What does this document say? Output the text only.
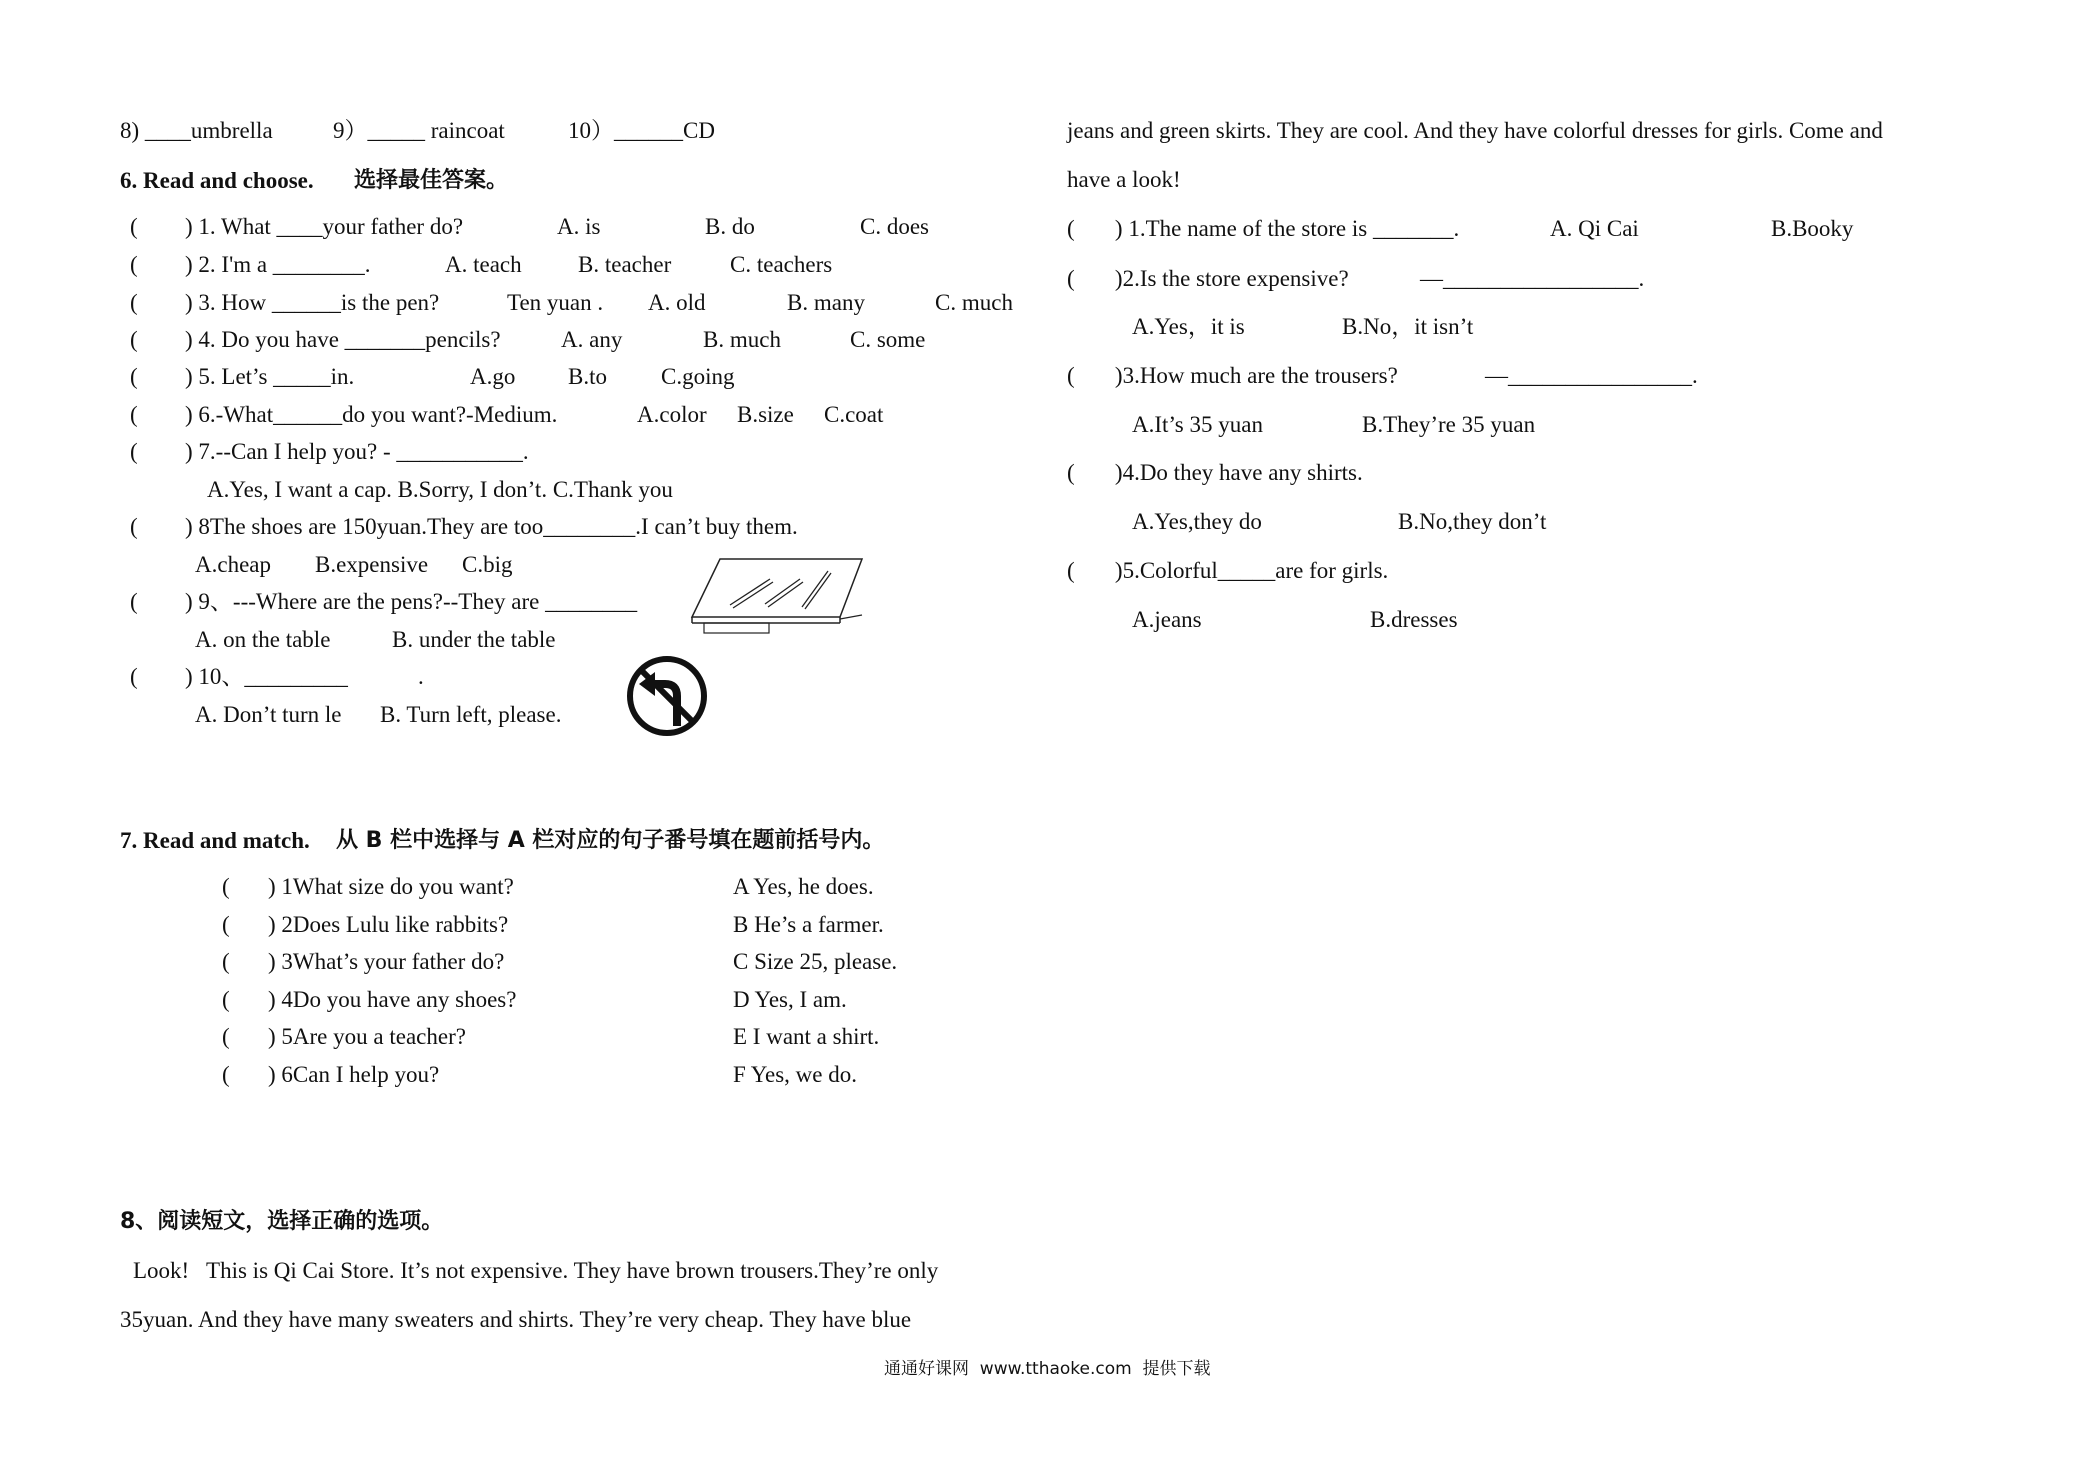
8) ____umbrella	9）_____ raincoat	10）______CD
6. Read and choose. 选择最佳答案。
( ) 1. What ____your father do?	A. is	B. do	C. does
( ) 2. I'm a ________.	A. teach B. teacher	C. teachers
( ) 3. How ______is the pen?	Ten yuan . A. old	B. many	C. much
( ) 4. Do you have _______pencils?	A. any	B. much	C. some
( ) 5. Let’s _____in.	A.go B.to C.going
( ) 6.-What______do you want?-Medium.	A.color B.size C.coat
( ) 7.--Can I help you? - ___________.
A.Yes, I want a cap. B.Sorry, I don’t. C.Thank you
( ) 8The shoes are 150yuan.They are too________.I can’t buy them.
A.cheap B.expensive C.big
( ) 9、---Where are the pens?--They are ________
A. on the table	B. under the table
( ) 10、_________	.
A. Don’t turn le B. Turn left, please.
7. Read and match. 从 B 栏中选择与 A 栏对应的句子番号填在题前括号内。
( ) 1What size do you want?	A Yes, he does.
( ) 2Does Lulu like rabbits?	B He’s a farmer.
( ) 3What’s your father do?	C Size 25, please.
( ) 4Do you have any shoes?	D Yes, I am.
( ) 5Are you a teacher?	E I want a shirt.
( ) 6Can I help you?	F Yes, we do.
8、阅读短文，选择正确的选项。
Look!   This is Qi Cai Store. It’s not expensive. They have brown trousers.They’re only
35yuan. And they have many sweaters and shirts. They’re very cheap. They have blue
jeans and green skirts. They are cool. And they have colorful dresses for girls. Come and
have a look!
(       ) 1.The name of the store is _______.	A. Qi Cai	B.Booky
(       )2.Is the store expensive?	—_________________.
A.Yes，it is	B.No，it isn’t
(       )3.How much are the trousers?	—________________.
A.It’s 35 yuan	B.They’re 35 yuan
(       )4.Do they have any shirts.
A.Yes,they do	B.No,they don’t
(       )5.Colorful_____are for girls.
A.jeans	B.dresses
通通好课网  www.tthaoke.com  提供下载
